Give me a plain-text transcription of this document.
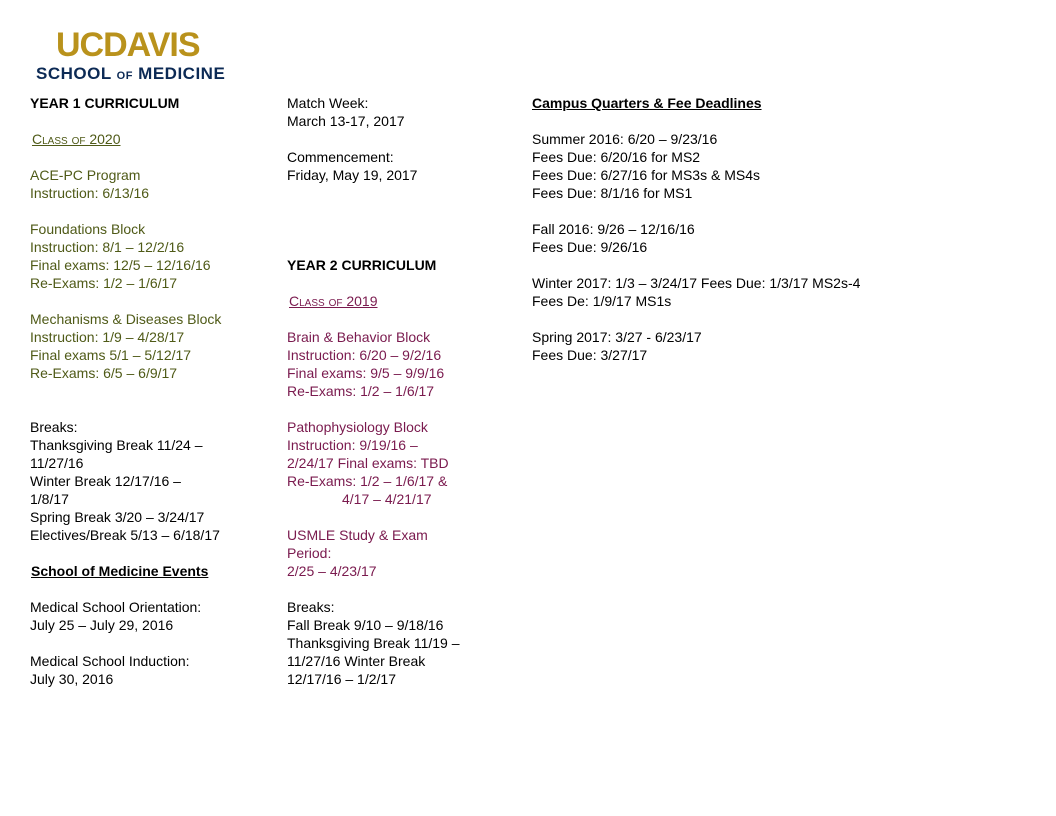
UCDAVIS
SCHOOL OF MEDICINE
YEAR 1 CURRICULUM
Class of 2020
ACE-PC Program
Instruction: 6/13/16
Foundations Block
Instruction: 8/1 – 12/2/16
Final exams: 12/5 – 12/16/16
Re-Exams: 1/2 – 1/6/17
Mechanisms & Diseases Block
Instruction: 1/9 – 4/28/17
Final exams 5/1 – 5/12/17
Re-Exams: 6/5 – 6/9/17
Breaks:
Thanksgiving Break 11/24 – 11/27/16
Winter Break 12/17/16 – 1/8/17
Spring Break 3/20 – 3/24/17
Electives/Break 5/13 – 6/18/17
School of Medicine Events
Medical School Orientation:
July 25 – July 29, 2016
Medical School Induction:
July 30, 2016
Match Week:
March 13-17, 2017
Commencement:
Friday, May 19, 2017
YEAR 2 CURRICULUM
Class of 2019
Brain & Behavior Block
Instruction: 6/20 – 9/2/16
Final exams: 9/5 – 9/9/16
Re-Exams: 1/2 – 1/6/17
Pathophysiology Block
Instruction: 9/19/16 – 2/24/17 Final exams: TBD
Re-Exams: 1/2 – 1/6/17 &
4/17 – 4/21/17
USMLE Study & Exam Period:
2/25 – 4/23/17
Breaks:
Fall Break 9/10 – 9/18/16
Thanksgiving Break 11/19 – 11/27/16 Winter Break 12/17/16 – 1/2/17
Campus Quarters & Fee Deadlines
Summer 2016: 6/20 – 9/23/16
Fees Due: 6/20/16 for MS2
Fees Due: 6/27/16 for MS3s & MS4s
Fees Due: 8/1/16 for MS1
Fall 2016: 9/26 – 12/16/16
Fees Due: 9/26/16
Winter 2017: 1/3 – 3/24/17 Fees Due: 1/3/17 MS2s-4
Fees De: 1/9/17 MS1s
Spring 2017: 3/27 - 6/23/17
Fees Due: 3/27/17
